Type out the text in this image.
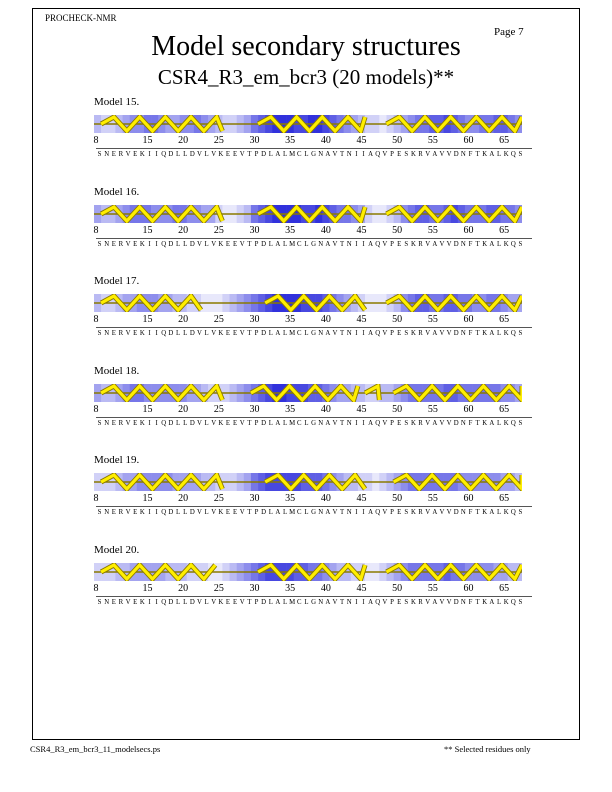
PROCHECK-NMR
Page 7
Model secondary structures
CSR4_R3_em_bcr3 (20 models)**
Model 15.
8	15	20	25	30	35	40	45	50	55	60	65
S N E R V E K I I Q D L L D V L V K E E V T P D L A L M C L G N A V T N I I A Q V P E S K R V A V V D N F T K A L K Q S
Model 16.
8	15	20	25	30	35	40	45	50	55	60	65
S N E R V E K I I Q D L L D V L V K E E V T P D L A L M C L G N A V T N I I A Q V P E S K R V A V V D N F T K A L K Q S
Model 17.
8	15	20	25	30	35	40	45	50	55	60	65
S N E R V E K I I Q D L L D V L V K E E V T P D L A L M C L G N A V T N I I A Q V P E S K R V A V V D N F T K A L K Q S
Model 18.
8	15	20	25	30	35	40	45	50	55	60	65
S N E R V E K I I Q D L L D V L V K E E V T P D L A L M C L G N A V T N I I A Q V P E S K R V A V V D N F T K A L K Q S
Model 19.
8	15	20	25	30	35	40	45	50	55	60	65
S N E R V E K I I Q D L L D V L V K E E V T P D L A L M C L G N A V T N I I A Q V P E S K R V A V V D N F T K A L K Q S
Model 20.
8	15	20	25	30	35	40	45	50	55	60	65
S N E R V E K I I Q D L L D V L V K E E V T P D L A L M C L G N A V T N I I A Q V P E S K R V A V V D N F T K A L K Q S
CSR4_R3_em_bcr3_11_modelsecs.ps	** Selected residues only
